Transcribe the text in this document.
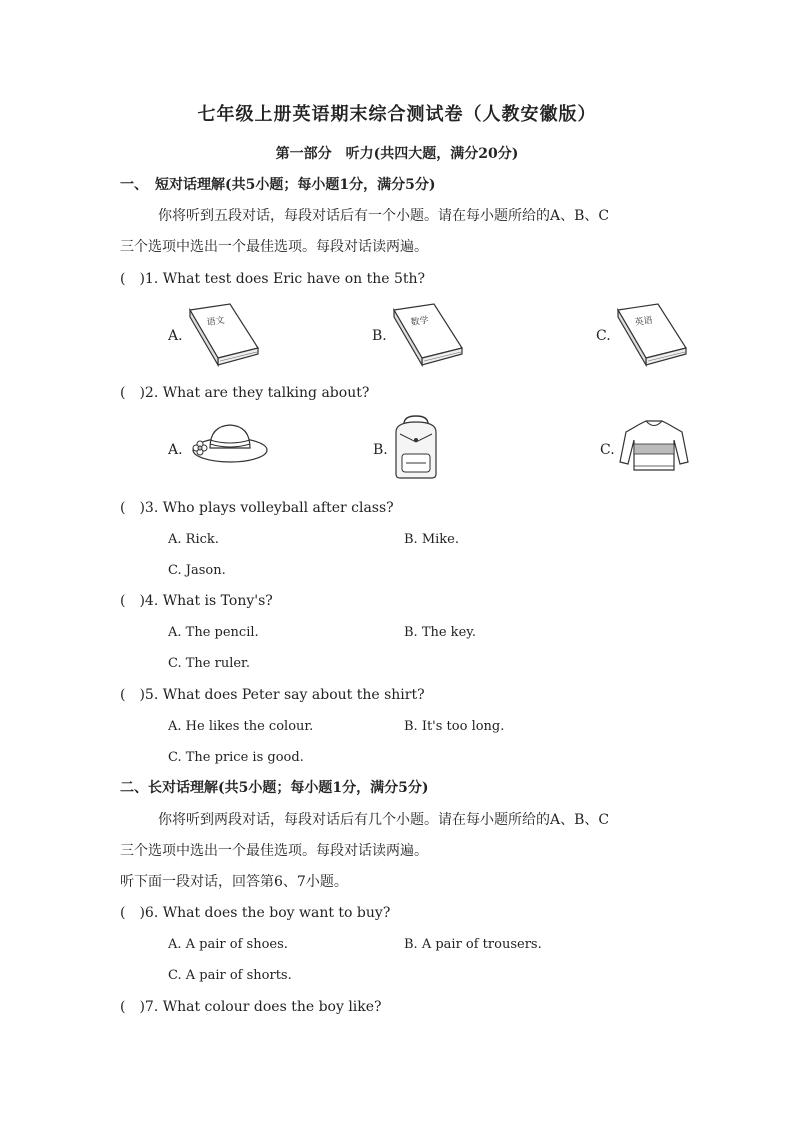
七年级上册英语期末综合测试卷（人教安徽版）
第一部分　听力(共四大题，满分20分)
一、　短对话理解(共5小题；每小题1分，满分5分)
你将听到五段对话，每段对话后有一个小题。请在每小题所给的A、B、C
三个选项中选出一个最佳选项。每段对话读两遍。
(　)1. What test does Eric have on the 5th?
A.	B.	C.
语文	数学	英语
(　)2. What are they talking about?
A.	B.	C.
(　)3. Who plays volleyball after class?
A. Rick.	B. Mike.
C. Jason.
(　)4. What is Tony's?
A. The pencil.	B. The key.
C. The ruler.
(　)5. What does Peter say about the shirt?
A. He likes the colour.	B. It's too long.
C. The price is good.
二、长对话理解(共5小题；每小题1分，满分5分)
你将听到两段对话，每段对话后有几个小题。请在每小题所给的A、B、C
三个选项中选出一个最佳选项。每段对话读两遍。
听下面一段对话，回答第6、7小题。
(　)6. What does the boy want to buy?
A. A pair of shoes.	B. A pair of trousers.
C. A pair of shorts.
(　)7. What colour does the boy like?
